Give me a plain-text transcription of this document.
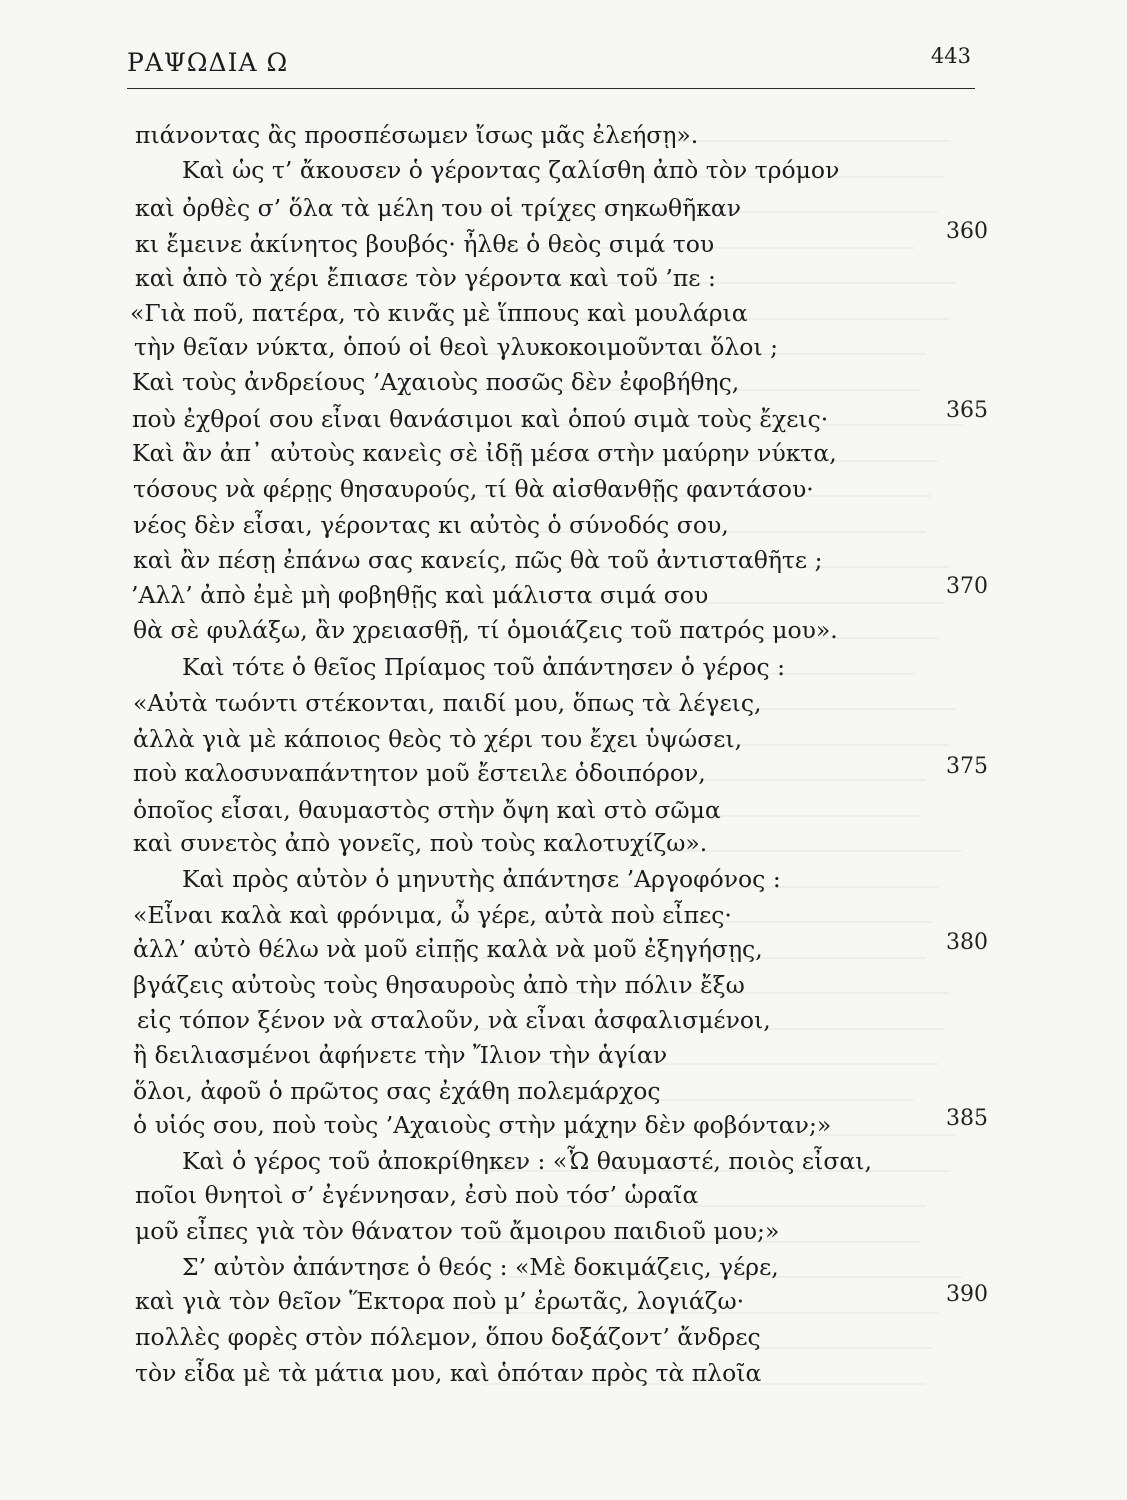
ΡΑΨΩΔΙΑ Ω	443
πιάνοντας ἂς προσπέσωμεν ἴσως μᾶς ἐλεήσῃ».
Καὶ ὡς τ’ ἄκουσεν ὁ γέροντας ζαλίσθη ἀπὸ τὸν τρόμον
καὶ ὀρθὲς σ’ ὅλα τὰ μέλη του οἱ τρίχες σηκωθῆκαν
κι ἔμεινε ἀκίνητος βουβός· ἦλθε ὁ θεὸς σιμά του	360
καὶ ἀπὸ τὸ χέρι ἔπιασε τὸν γέροντα καὶ τοῦ ’πε :
«Γιὰ ποῦ, πατέρα, τὸ κινᾶς μὲ ἵππους καὶ μουλάρια
τὴν θεῖαν νύκτα, ὁπού οἱ θεοὶ γλυκοκοιμοῦνται ὅλοι ;
Καὶ τοὺς ἀνδρείους ’Αχαιοὺς ποσῶς δὲν ἐφοβήθης,
ποὺ ἐχθροί σου εἶναι θανάσιμοι καὶ ὁπού σιμὰ τοὺς ἔχεις·	365
Καὶ ἂν ἀπ᾽ αὐτοὺς κανεὶς σὲ ἰδῇ μέσα στὴν μαύρην νύκτα,
τόσους νὰ φέρῃς θησαυρούς, τί θὰ αἰσθανθῇς φαντάσου·
νέος δὲν εἶσαι, γέροντας κι αὐτὸς ὁ σύνοδός σου,
καὶ ἂν πέσῃ ἐπάνω σας κανείς, πῶς θὰ τοῦ ἀντισταθῆτε ;
’Αλλ’ ἀπὸ ἐμὲ μὴ φοβηθῇς καὶ μάλιστα σιμά σου	370
θὰ σὲ φυλάξω, ἂν χρειασθῇ, τί ὁμοιάζεις τοῦ πατρός μου».
Καὶ τότε ὁ θεῖος Πρίαμος τοῦ ἀπάντησεν ὁ γέρος :
«Αὐτὰ τωόντι στέκονται, παιδί μου, ὅπως τὰ λέγεις,
ἀλλὰ γιὰ μὲ κάποιος θεὸς τὸ χέρι του ἔχει ὑψώσει,
ποὺ καλοσυναπάντητον μοῦ ἔστειλε ὁδοιπόρον,	375
ὁποῖος εἶσαι, θαυμαστὸς στὴν ὄψη καὶ στὸ σῶμα
καὶ συνετὸς ἀπὸ γονεῖς, ποὺ τοὺς καλοτυχίζω».
Καὶ πρὸς αὐτὸν ὁ μηνυτὴς ἀπάντησε ’Αργοφόνος :
«Εἶναι καλὰ καὶ φρόνιμα, ὦ γέρε, αὐτὰ ποὺ εἶπες·
ἀλλ’ αὐτὸ θέλω νὰ μοῦ εἰπῇς καλὰ νὰ μοῦ ἐξηγήσῃς,	380
βγάζεις αὐτοὺς τοὺς θησαυροὺς ἀπὸ τὴν πόλιν ἔξω
εἰς τόπον ξένον νὰ σταλοῦν, νὰ εἶναι ἀσφαλισμένοι,
ἢ δειλιασμένοι ἀφήνετε τὴν Ἴλιον τὴν ἁγίαν
ὅλοι, ἀφοῦ ὁ πρῶτος σας ἐχάθη πολεμάρχος
ὁ υἱός σου, ποὺ τοὺς ’Αχαιοὺς στὴν μάχην δὲν φοβόνταν;»	385
Καὶ ὁ γέρος τοῦ ἀποκρίθηκεν : «Ὦ θαυμαστέ, ποιὸς εἶσαι,
ποῖοι θνητοὶ σ’ ἐγέννησαν, ἐσὺ ποὺ τόσ’ ὡραῖα
μοῦ εἶπες γιὰ τὸν θάνατον τοῦ ἄμοιρου παιδιοῦ μου;»
Σ’ αὐτὸν ἀπάντησε ὁ θεός : «Μὲ δοκιμάζεις, γέρε,
καὶ γιὰ τὸν θεῖον Ἕκτορα ποὺ μ’ ἐρωτᾶς, λογιάζω·	390
πολλὲς φορὲς στὸν πόλεμον, ὅπου δοξάζοντ’ ἄνδρες
τὸν εἶδα μὲ τὰ μάτια μου, καὶ ὁπόταν πρὸς τὰ πλοῖα
